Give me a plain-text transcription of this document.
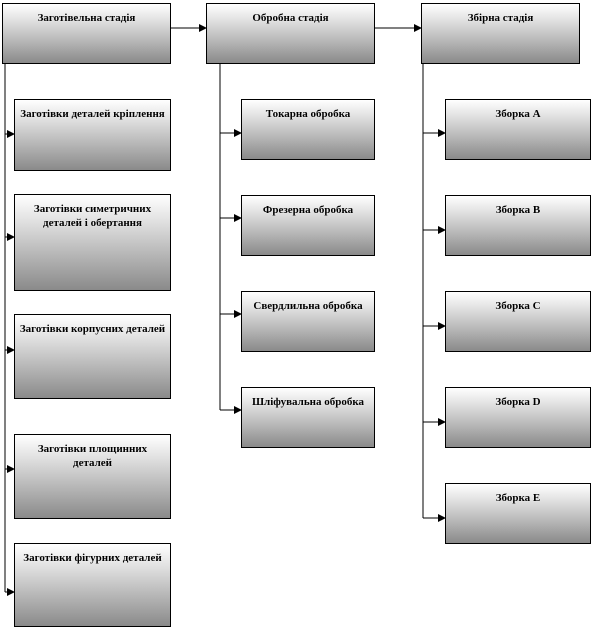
Заготівельна стадія	Обробна стадія	Збірна стадія
Заготівки деталей кріплення
Заготівки симетричних деталей і обертання
Заготівки корпусних деталей
Заготівки площинних деталей
Заготівки фігурних деталей
Токарна обробка
Фрезерна обробка
Свердлильна обробка
Шліфувальна обробка
Зборка А
Зборка В
Зборка С
Зборка D
Зборка Е
